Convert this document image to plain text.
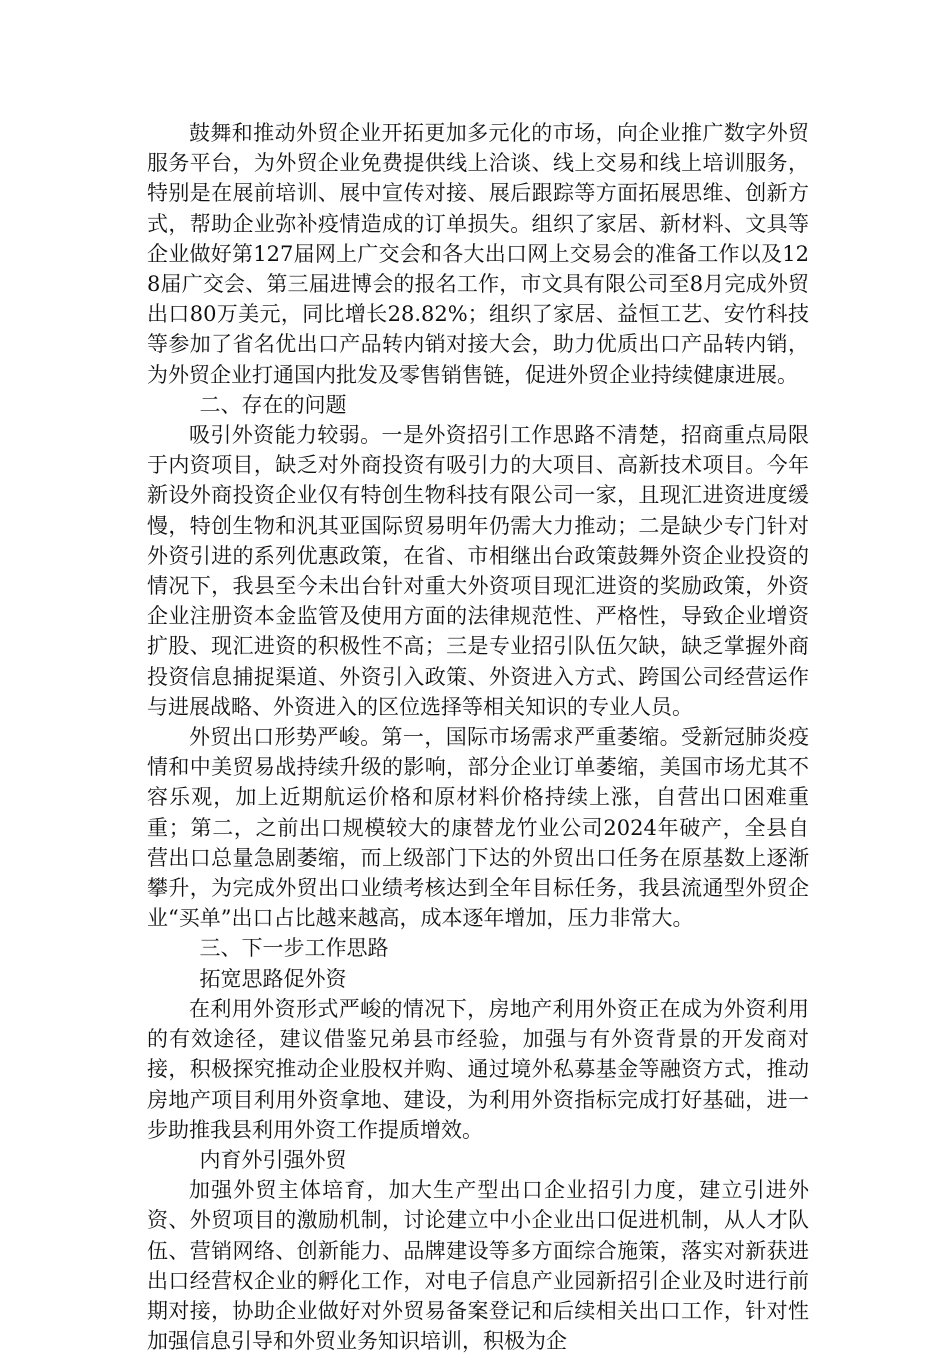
鼓舞和推动外贸企业开拓更加多元化的市场，向企业推广数字外贸服务平台，为外贸企业免费提供线上洽谈、线上交易和线上培训服务，特别是在展前培训、展中宣传对接、展后跟踪等方面拓展思维、创新方式，帮助企业弥补疫情造成的订单损失。组织了家居、新材料、文具等企业做好第127届网上广交会和各大出口网上交易会的准备工作以及128届广交会、第三届进博会的报名工作，市文具有限公司至8月完成外贸出口80万美元，同比增长28.82%；组织了家居、益恒工艺、安竹科技等参加了省名优出口产品转内销对接大会，助力优质出口产品转内销，为外贸企业打通国内批发及零售销售链，促进外贸企业持续健康进展。

二、存在的问题

吸引外资能力较弱。一是外资招引工作思路不清楚，招商重点局限于内资项目，缺乏对外商投资有吸引力的大项目、高新技术项目。今年新设外商投资企业仅有特创生物科技有限公司一家，且现汇进资进度缓慢，特创生物和汎其亚国际贸易明年仍需大力推动；二是缺少专门针对外资引进的系列优惠政策，在省、市相继出台政策鼓舞外资企业投资的情况下，我县至今未出台针对重大外资项目现汇进资的奖励政策，外资企业注册资本金监管及使用方面的法律规范性、严格性，导致企业增资扩股、现汇进资的积极性不高；三是专业招引队伍欠缺，缺乏掌握外商投资信息捕捉渠道、外资引入政策、外资进入方式、跨国公司经营运作与进展战略、外资进入的区位选择等相关知识的专业人员。

外贸出口形势严峻。第一，国际市场需求严重萎缩。受新冠肺炎疫情和中美贸易战持续升级的影响，部分企业订单萎缩，美国市场尤其不容乐观，加上近期航运价格和原材料价格持续上涨，自营出口困难重重；第二，之前出口规模较大的康替龙竹业公司2024年破产，全县自营出口总量急剧萎缩，而上级部门下达的外贸出口任务在原基数上逐渐攀升，为完成外贸出口业绩考核达到全年目标任务，我县流通型外贸企业“买单”出口占比越来越高，成本逐年增加，压力非常大。

三、下一步工作思路

拓宽思路促外资

在利用外资形式严峻的情况下，房地产利用外资正在成为外资利用的有效途径，建议借鉴兄弟县市经验，加强与有外资背景的开发商对接，积极探究推动企业股权并购、通过境外私募基金等融资方式，推动房地产项目利用外资拿地、建设，为利用外资指标完成打好基础，进一步助推我县利用外资工作提质增效。

内育外引强外贸

加强外贸主体培育，加大生产型出口企业招引力度，建立引进外资、外贸项目的激励机制，讨论建立中小企业出口促进机制，从人才队伍、营销网络、创新能力、品牌建设等多方面综合施策，落实对新获进出口经营权企业的孵化工作，对电子信息产业园新招引企业及时进行前期对接，协助企业做好对外贸易备案登记和后续相关出口工作，针对性加强信息引导和外贸业务知识培训，积极为企
